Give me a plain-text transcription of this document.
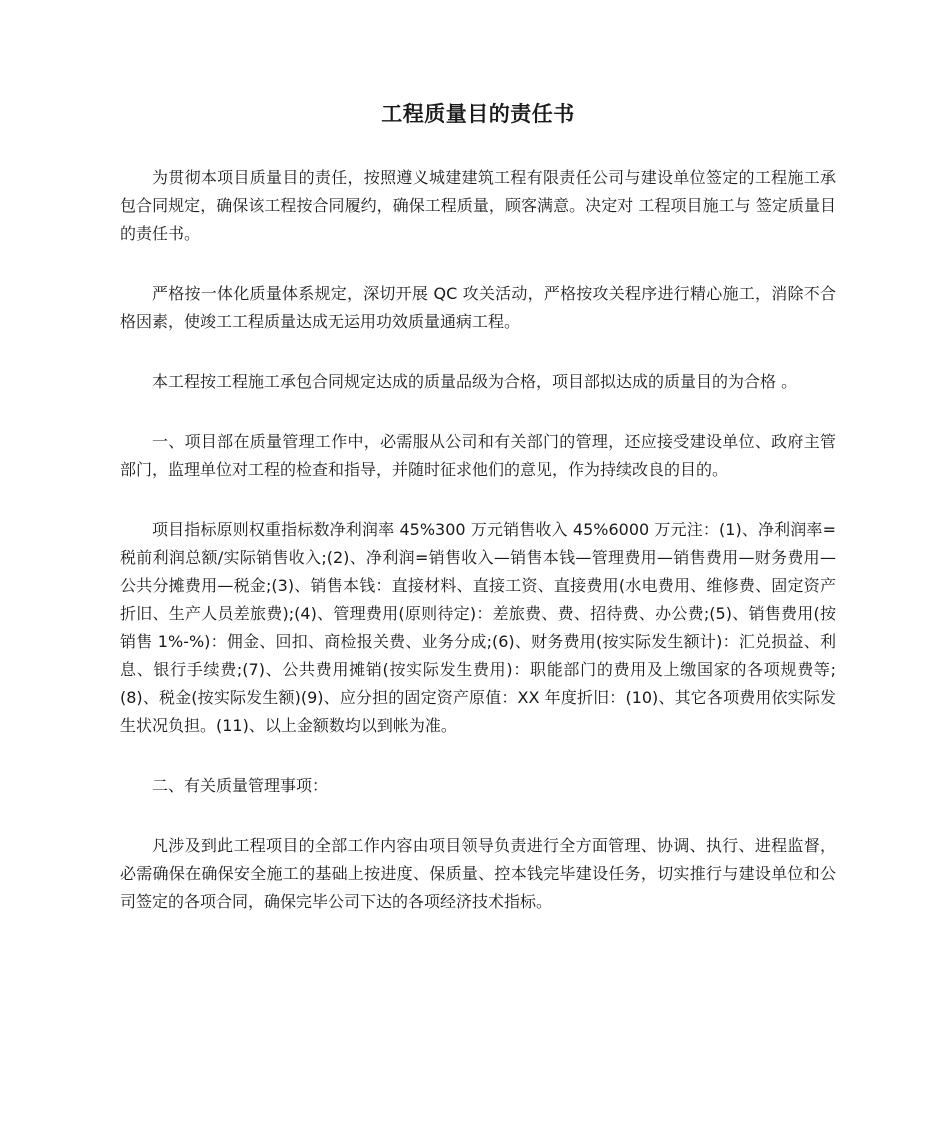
工程质量目的责任书

为贯彻本项目质量目的责任，按照遵义城建建筑工程有限责任公司与建设单位签定的工程施工承包合同规定，确保该工程按合同履约，确保工程质量，顾客满意。决定对 工程项目施工与 签定质量目的责任书。

严格按一体化质量体系规定，深切开展 QC 攻关活动，严格按攻关程序进行精心施工，消除不合格因素，使竣工工程质量达成无运用功效质量通病工程。

本工程按工程施工承包合同规定达成的质量品级为合格，项目部拟达成的质量目的为合格 。

一、项目部在质量管理工作中，必需服从公司和有关部门的管理，还应接受建设单位、政府主管部门，监理单位对工程的检查和指导，并随时征求他们的意见，作为持续改良的目的。

项目指标原则权重指标数净利润率 45%300 万元销售收入 45%6000 万元注：(1)、净利润率=税前利润总额/实际销售收入;(2)、净利润=销售收入—销售本钱—管理费用—销售费用—财务费用—公共分摊费用—税金;(3)、销售本钱：直接材料、直接工资、直接费用(水电费用、维修费、固定资产折旧、生产人员差旅费);(4)、管理费用(原则待定)：差旅费、费、招待费、办公费;(5)、销售费用(按销售 1%-%)：佣金、回扣、商检报关费、业务分成;(6)、财务费用(按实际发生额计)：汇兑损益、利息、银行手续费;(7)、公共费用摊销(按实际发生费用)：职能部门的费用及上缴国家的各项规费等;(8)、税金(按实际发生额)(9)、应分担的固定资产原值：XX 年度折旧：(10)、其它各项费用依实际发生状况负担。(11)、以上金额数均以到帐为准。

二、有关质量管理事项：

凡涉及到此工程项目的全部工作内容由项目领导负责进行全方面管理、协调、执行、进程监督，必需确保在确保安全施工的基础上按进度、保质量、控本钱完毕建设任务，切实推行与建设单位和公司签定的各项合同，确保完毕公司下达的各项经济技术指标。
